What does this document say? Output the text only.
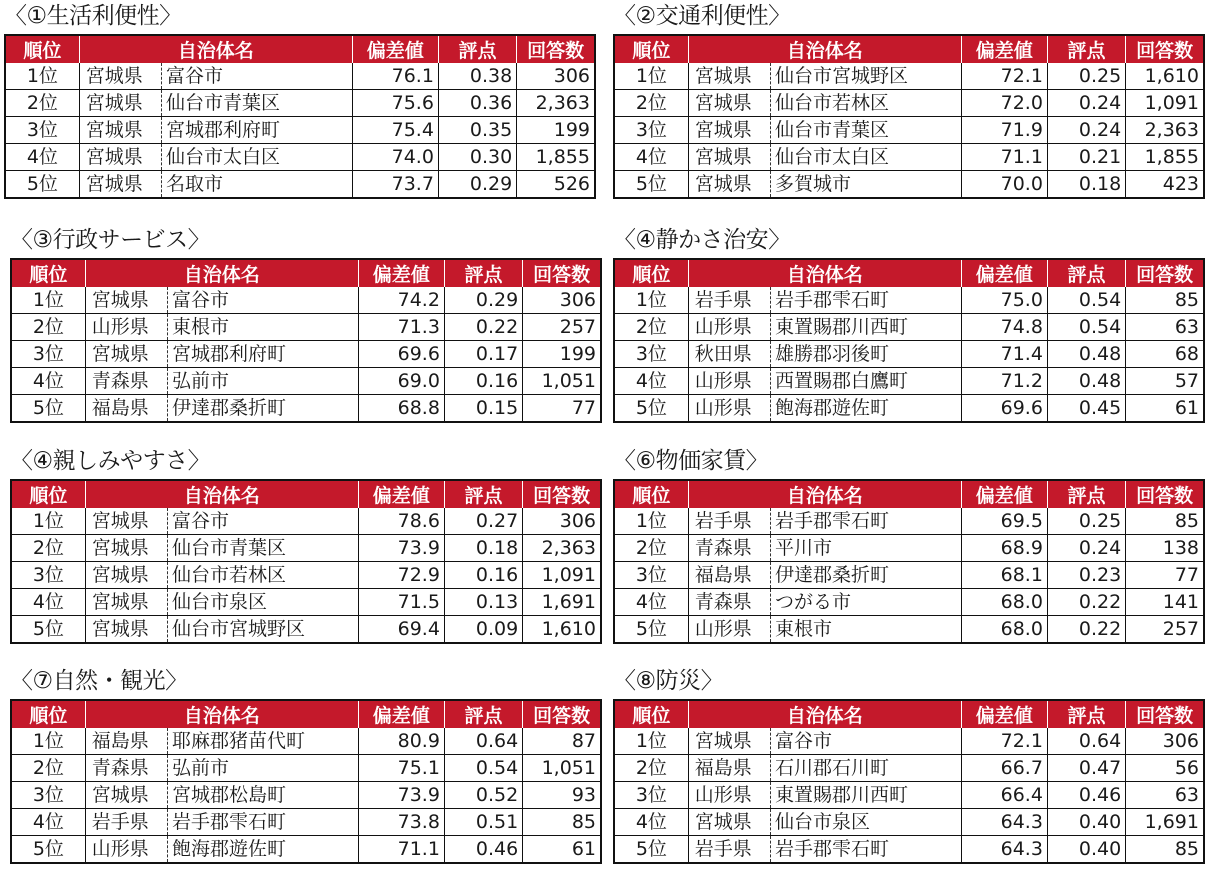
〈①生活利便性〉
順位	自治体名		偏差値	評点	回答数
1位	宮城県	富谷市	76.1	0.38	306
2位	宮城県	仙台市青葉区	75.6	0.36	2,363
3位	宮城県	宮城郡利府町	75.4	0.35	199
4位	宮城県	仙台市太白区	74.0	0.30	1,855
5位	宮城県	名取市	73.7	0.29	526
〈②交通利便性〉
順位	自治体名		偏差値	評点	回答数
1位	宮城県	仙台市宮城野区	72.1	0.25	1,610
2位	宮城県	仙台市若林区	72.0	0.24	1,091
3位	宮城県	仙台市青葉区	71.9	0.24	2,363
4位	宮城県	仙台市太白区	71.1	0.21	1,855
5位	宮城県	多賀城市	70.0	0.18	423
〈③行政サービス〉
順位	自治体名		偏差値	評点	回答数
1位	宮城県	富谷市	74.2	0.29	306
2位	山形県	東根市	71.3	0.22	257
3位	宮城県	宮城郡利府町	69.6	0.17	199
4位	青森県	弘前市	69.0	0.16	1,051
5位	福島県	伊達郡桑折町	68.8	0.15	77
〈④静かさ治安〉
順位	自治体名		偏差値	評点	回答数
1位	岩手県	岩手郡雫石町	75.0	0.54	85
2位	山形県	東置賜郡川西町	74.8	0.54	63
3位	秋田県	雄勝郡羽後町	71.4	0.48	68
4位	山形県	西置賜郡白鷹町	71.2	0.48	57
5位	山形県	飽海郡遊佐町	69.6	0.45	61
〈④親しみやすさ〉
順位	自治体名		偏差値	評点	回答数
1位	宮城県	富谷市	78.6	0.27	306
2位	宮城県	仙台市青葉区	73.9	0.18	2,363
3位	宮城県	仙台市若林区	72.9	0.16	1,091
4位	宮城県	仙台市泉区	71.5	0.13	1,691
5位	宮城県	仙台市宮城野区	69.4	0.09	1,610
〈⑥物価家賃〉
順位	自治体名		偏差値	評点	回答数
1位	岩手県	岩手郡雫石町	69.5	0.25	85
2位	青森県	平川市	68.9	0.24	138
3位	福島県	伊達郡桑折町	68.1	0.23	77
4位	青森県	つがる市	68.0	0.22	141
5位	山形県	東根市	68.0	0.22	257
〈⑦自然・観光〉
順位	自治体名		偏差値	評点	回答数
1位	福島県	耶麻郡猪苗代町	80.9	0.64	87
2位	青森県	弘前市	75.1	0.54	1,051
3位	宮城県	宮城郡松島町	73.9	0.52	93
4位	岩手県	岩手郡雫石町	73.8	0.51	85
5位	山形県	飽海郡遊佐町	71.1	0.46	61
〈⑧防災〉
順位	自治体名		偏差値	評点	回答数
1位	宮城県	富谷市	72.1	0.64	306
2位	福島県	石川郡石川町	66.7	0.47	56
3位	山形県	東置賜郡川西町	66.4	0.46	63
4位	宮城県	仙台市泉区	64.3	0.40	1,691
5位	岩手県	岩手郡雫石町	64.3	0.40	85
